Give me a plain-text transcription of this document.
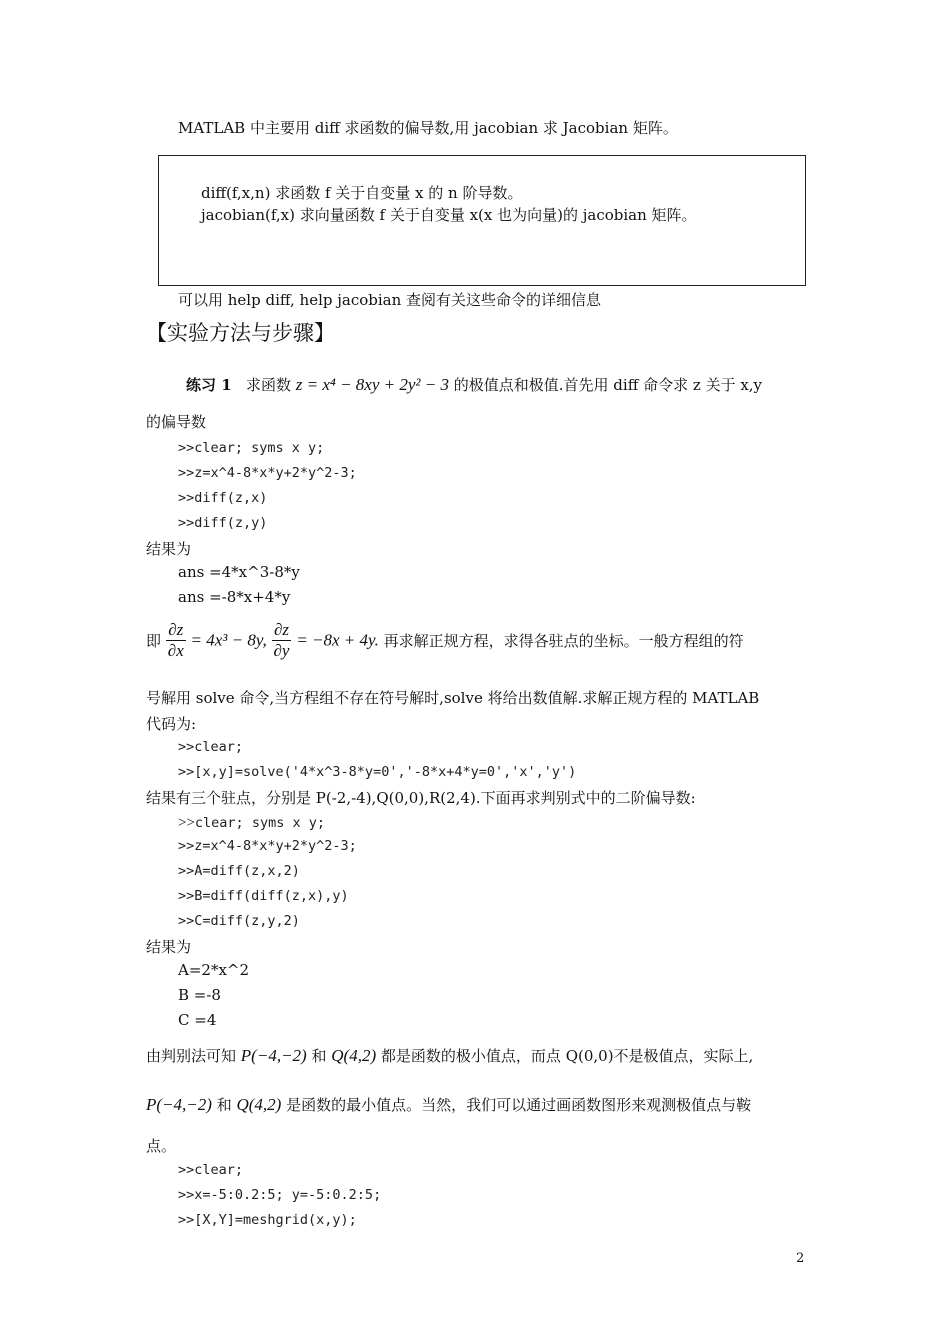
MATLAB 中主要用 diff 求函数的偏导数,用 jacobian 求 Jacobian 矩阵。
diff(f,x,n) 求函数 f 关于自变量 x 的 n 阶导数。
jacobian(f,x) 求向量函数 f 关于自变量 x(x 也为向量)的 jacobian 矩阵。
可以用 help diff, help jacobian 查阅有关这些命令的详细信息
【实验方法与步骤】
练习 1 求函数 z = x⁴ − 8xy + 2y² − 3 的极值点和极值.首先用 diff 命令求 z 关于 x,y
的偏导数
>>clear; syms x y;
>>z=x^4-8*x*y+2*y^2-3;
>>diff(z,x)
>>diff(z,y)
结果为
ans =4*x^3-8*y
ans =-8*x+4*y
即 $\frac{\partial z}{\partial x} = 4x^3 - 8y$, $\frac{\partial z}{\partial y} = -8x + 4y$. 再求解正规方程，求得各驻点的坐标。一般方程组的符
号解用 solve 命令,当方程组不存在符号解时,solve 将给出数值解.求解正规方程的 MATLAB
代码为:
>>clear;
>>[x,y]=solve('4*x^3-8*y=0','-8*x+4*y=0','x','y')
结果有三个驻点，分别是 P(-2,-4),Q(0,0),R(2,4).下面再求判别式中的二阶偏导数:
>>clear; syms x y;
>>z=x^4-8*x*y+2*y^2-3;
>>A=diff(z,x,2)
>>B=diff(diff(z,x),y)
>>C=diff(z,y,2)
结果为
A=2*x^2
B =-8
C =4
由判别法可知 P(−4,−2) 和 Q(4,2) 都是函数的极小值点，而点 Q(0,0)不是极值点，实际上,
P(−4,−2) 和 Q(4,2) 是函数的最小值点。当然，我们可以通过画函数图形来观测极值点与鞍
点。
>>clear;
>>x=-5:0.2:5; y=-5:0.2:5;
>>[X,Y]=meshgrid(x,y);
2
